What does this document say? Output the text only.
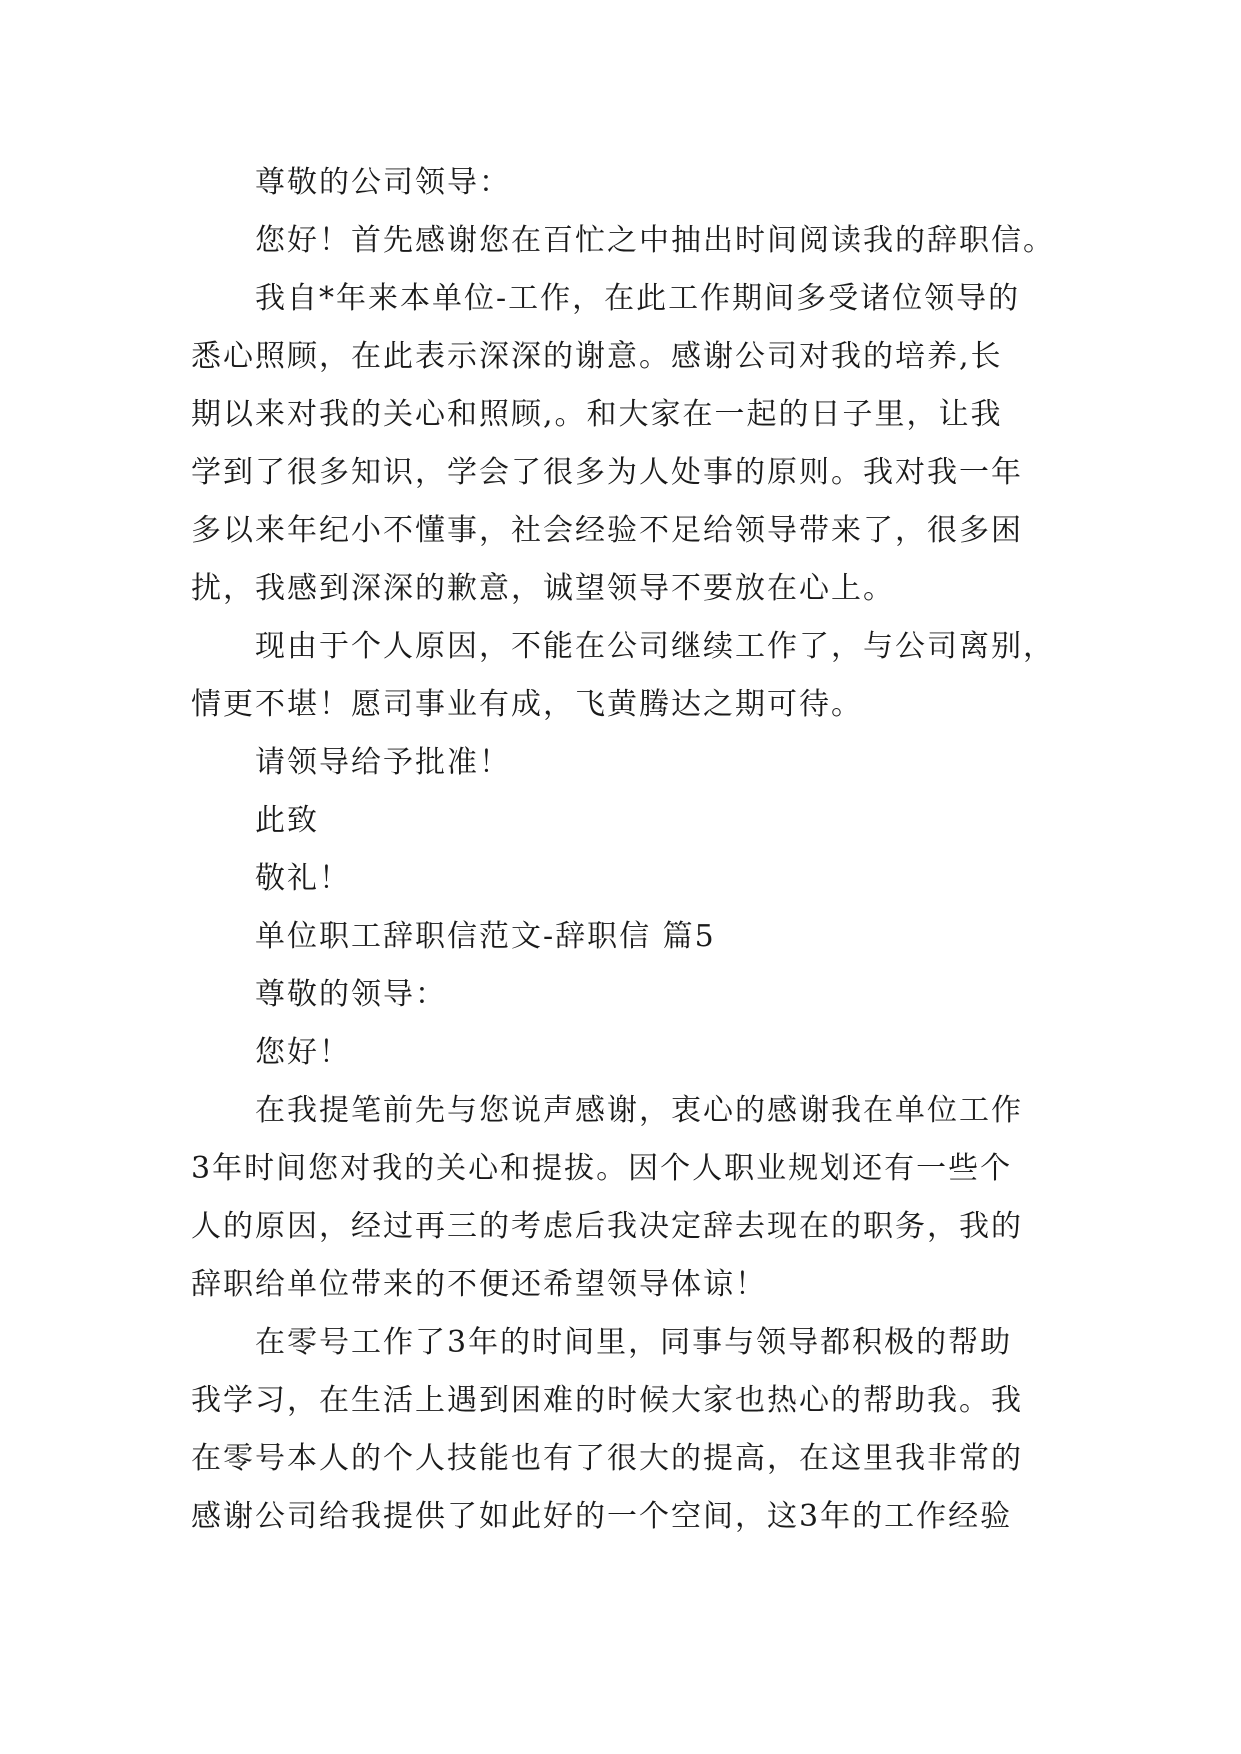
尊敬的公司领导：

您好！首先感谢您在百忙之中抽出时间阅读我的辞职信。

我自*年来本单位-工作，在此工作期间多受诸位领导的

悉心照顾，在此表示深深的谢意。感谢公司对我的培养,长

期以来对我的关心和照顾,。和大家在一起的日子里，让我

学到了很多知识，学会了很多为人处事的原则。我对我一年

多以来年纪小不懂事，社会经验不足给领导带来了，很多困

扰，我感到深深的歉意，诚望领导不要放在心上。

现由于个人原因，不能在公司继续工作了，与公司离别，

情更不堪！愿司事业有成，飞黄腾达之期可待。

请领导给予批准！

此致

敬礼！

单位职工辞职信范文-辞职信 篇5

尊敬的领导：

您好！

在我提笔前先与您说声感谢，衷心的感谢我在单位工作

3年时间您对我的关心和提拔。因个人职业规划还有一些个

人的原因，经过再三的考虑后我决定辞去现在的职务，我的

辞职给单位带来的不便还希望领导体谅！

在零号工作了3年的时间里，同事与领导都积极的帮助

我学习，在生活上遇到困难的时候大家也热心的帮助我。我

在零号本人的个人技能也有了很大的提高，在这里我非常的

感谢公司给我提供了如此好的一个空间，这3年的工作经验
